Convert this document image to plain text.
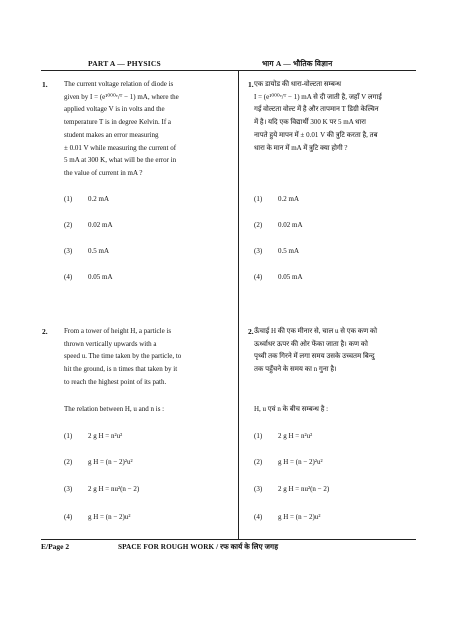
PART A — PHYSICS	भाग A — भौतिक विज्ञान
1. The current voltage relation of diode is
given by I = (e¹⁰⁰⁰ᵛ/ᵀ − 1) mA, where the
applied voltage V is in volts and the
temperature T is in degree Kelvin. If a
student makes an error measuring
± 0.01 V while measuring the current of
5 mA at 300 K, what will be the error in
the value of current in mA ?
1. एक डायोड की धारा-वोल्टता सम्बन्ध
I = (e¹⁰⁰⁰ᵛ/ᵀ − 1) mA से दी जाती है, जहाँ V लगाई
गई वोल्टता वोल्ट में है और तापमान T डिग्री केल्विन
में है। यदि एक विद्यार्थी 300 K पर 5 mA धारा
नापते हुये मापन में ± 0.01 V की त्रुटि करता है, तब
धारा के मान में mA में त्रुटि क्या होगी ?
(1) 0.2 mA
(2) 0.02 mA
(3) 0.5 mA
(4) 0.05 mA
(1) 0.2 mA
(2) 0.02 mA
(3) 0.5 mA
(4) 0.05 mA
2. From a tower of height H, a particle is
thrown vertically upwards with a
speed u. The time taken by the particle, to
hit the ground, is n times that taken by it
to reach the highest point of its path.
The relation between H, u and n is :
2. ऊँचाई H की एक मीनार से, चाल u से एक कण को
ऊर्ध्वाधर ऊपर की ओर फेंका जाता है। कण को
पृथ्वी तक गिरने में लगा समय उसके उच्चतम बिन्दु
तक पहुँचने के समय का n गुना है।
H, u एवं n के बीच सम्बन्ध है :
(1) 2 g H = n²u²
(2) g H = (n − 2)²u²
(3) 2 g H = nu²(n − 2)
(4) g H = (n − 2)u²
(1) 2 g H = n²u²
(2) g H = (n − 2)²u²
(3) 2 g H = nu²(n − 2)
(4) g H = (n − 2)u²
E/Page 2	SPACE FOR ROUGH WORK / रफ कार्य के लिए जगह
